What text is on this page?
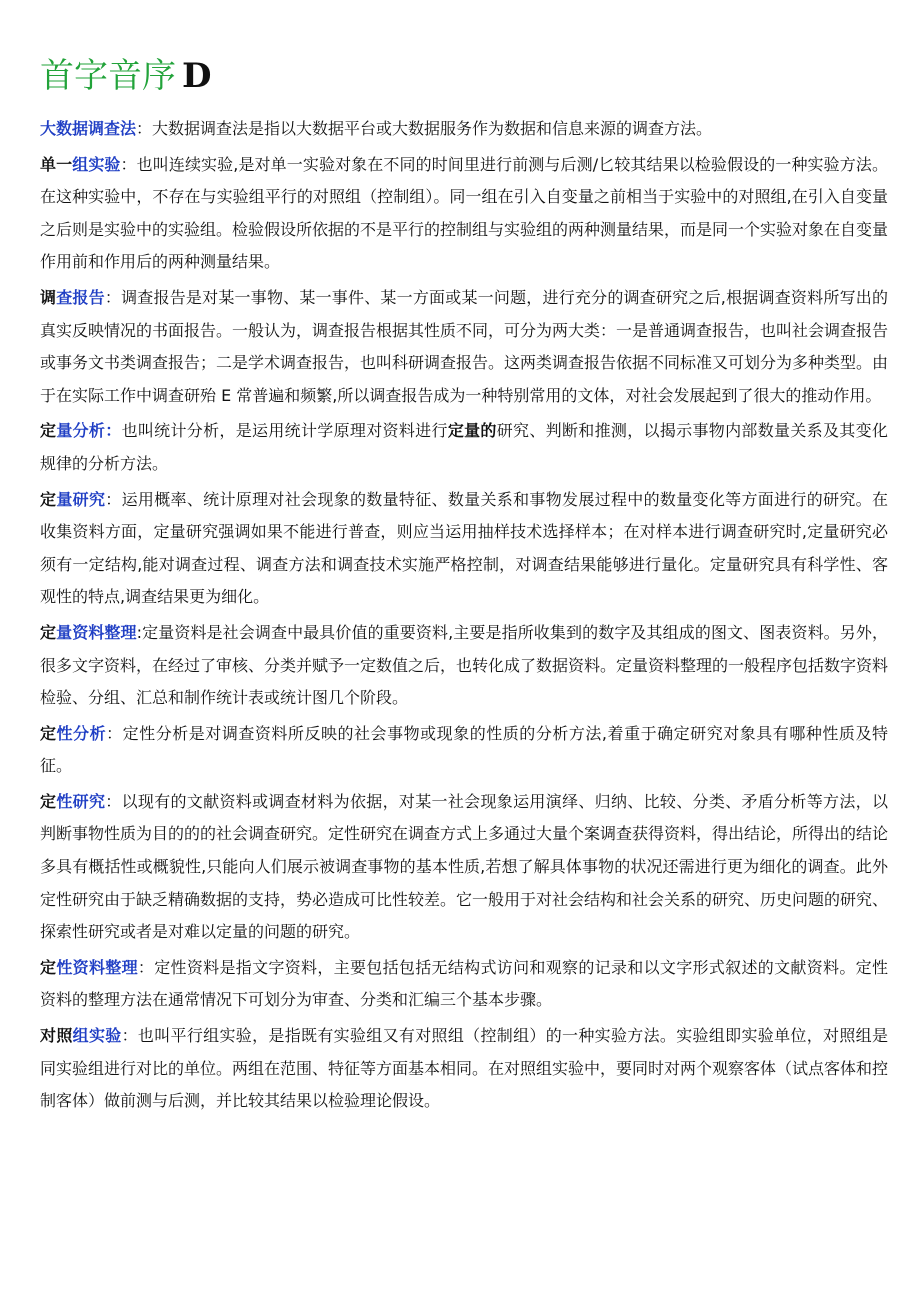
首字音序 D

大数据调查法：大数据调查法是指以大数据平台或大数据服务作为数据和信息来源的调查方法。

单一组实验：也叫连续实验,是对单一实验对象在不同的时间里进行前测与后测/匕较其结果以检验假设的一种实验方法。在这种实验中，不存在与实验组平行的对照组（控制组）。同一组在引入自变量之前相当于实验中的对照组,在引入自变量之后则是实验中的实验组。检验假设所依据的不是平行的控制组与实验组的两种测量结果，而是同一个实验对象在自变量作用前和作用后的两种测量结果。

调查报告：调查报告是对某一事物、某一事件、某一方面或某一问题，进行充分的调查研究之后,根据调查资料所写出的真实反映情况的书面报告。一般认为，调查报告根据其性质不同，可分为两大类：一是普通调查报告，也叫社会调查报告或事务文书类调查报告；二是学术调查报告，也叫科研调查报告。这两类调查报告依据不同标准又可划分为多种类型。由于在实际工作中调查研殆 E 常普遍和频繁,所以调查报告成为一种特别常用的文体，对社会发展起到了很大的推动作用。

定量分析：也叫统计分析，是运用统计学原理对资料进行定量的研究、判断和推测，以揭示事物内部数量关系及其变化规律的分析方法。

定量研究：运用概率、统计原理对社会现象的数量特征、数量关系和事物发展过程中的数量变化等方面进行的研究。在收集资料方面，定量研究强调如果不能进行普查，则应当运用抽样技术选择样本；在对样本进行调查研究时,定量研究必须有一定结构,能对调查过程、调查方法和调查技术实施严格控制，对调查结果能够进行量化。定量研究具有科学性、客观性的特点,调查结果更为细化。

定量资料整理:定量资料是社会调查中最具价值的重要资料,主要是指所收集到的数字及其组成的图文、图表资料。另外，很多文字资料，在经过了审核、分类并赋予一定数值之后，也转化成了数据资料。定量资料整理的一般程序包括数字资料检验、分组、汇总和制作统计表或统计图几个阶段。

定性分析：定性分析是对调查资料所反映的社会事物或现象的性质的分析方法,着重于确定研究对象具有哪种性质及特征。

定性研究：以现有的文献资料或调查材料为依据，对某一社会现象运用演绎、归纳、比较、分类、矛盾分析等方法，以判断事物性质为目的的的社会调查研究。定性研究在调查方式上多通过大量个案调查获得资料，得出结论，所得出的结论多具有概括性或概貌性,只能向人们展示被调查事物的基本性质,若想了解具体事物的状况还需进行更为细化的调查。此外定性研究由于缺乏精确数据的支持，势必造成可比性较差。它一般用于对社会结构和社会关系的研究、历史问题的研究、探索性研究或者是对难以定量的问题的研究。

定性资料整理：定性资料是指文字资料，主要包括包括无结构式访问和观察的记录和以文字形式叙述的文献资料。定性资料的整理方法在通常情况下可划分为审查、分类和汇编三个基本步骤。

对照组实验：也叫平行组实验，是指既有实验组又有对照组（控制组）的一种实验方法。实验组即实验单位，对照组是同实验组进行对比的单位。两组在范围、特征等方面基本相同。在对照组实验中，要同时对两个观察客体（试点客体和控制客体）做前测与后测，并比较其结果以检验理论假设。
